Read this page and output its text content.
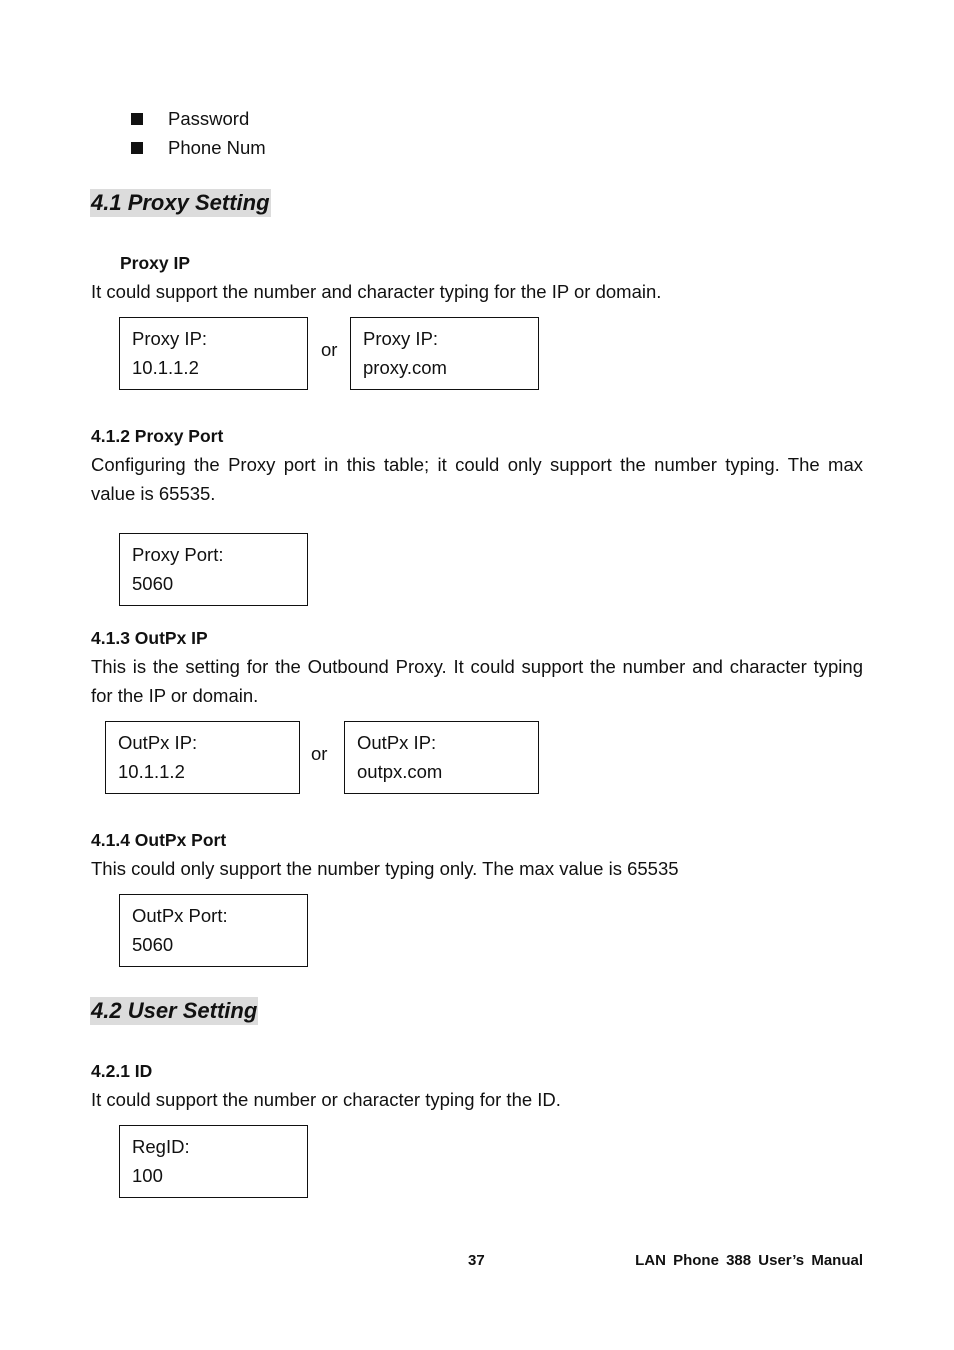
Password
Phone Num
4.1 Proxy Setting
Proxy IP
It could support the number and character typing for the IP or domain.
Proxy IP:
10.1.1.2
or
Proxy IP:
proxy.com
4.1.2 Proxy Port
Configuring the Proxy port in this table; it could only support the number typing. The max value is 65535.
Proxy Port:
5060
4.1.3 OutPx IP
This is the setting for the Outbound Proxy. It could support the number and character typing for the IP or domain.
OutPx IP:
10.1.1.2
or
OutPx IP:
outpx.com
4.1.4 OutPx Port
This could only support the number typing only. The max value is 65535
OutPx Port:
5060
4.2 User Setting
4.2.1 ID
It could support the number or character typing for the ID.
RegID:
100
37	LAN Phone 388 User’s Manual
